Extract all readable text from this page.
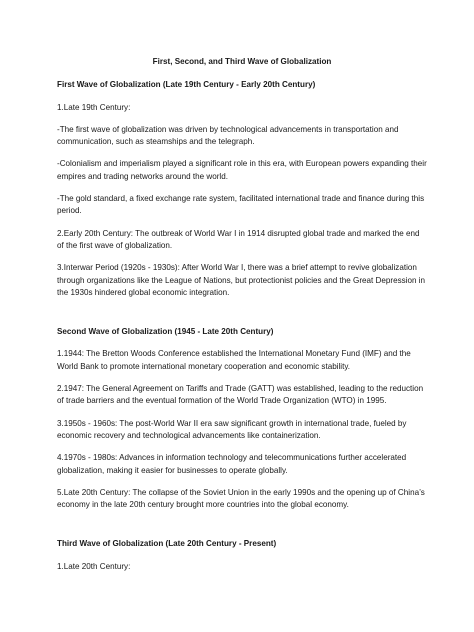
First, Second, and Third Wave of Globalization
First Wave of Globalization (Late 19th Century - Early 20th Century)
1.Late 19th Century:
-The first wave of globalization was driven by technological advancements in transportation and communication, such as steamships and the telegraph.
-Colonialism and imperialism played a significant role in this era, with European powers expanding their empires and trading networks around the world.
-The gold standard, a fixed exchange rate system, facilitated international trade and finance during this period.
2.Early 20th Century: The outbreak of World War I in 1914 disrupted global trade and marked the end of the first wave of globalization.
3.Interwar Period (1920s - 1930s): After World War I, there was a brief attempt to revive globalization through organizations like the League of Nations, but protectionist policies and the Great Depression in the 1930s hindered global economic integration.
Second Wave of Globalization (1945 - Late 20th Century)
1.1944: The Bretton Woods Conference established the International Monetary Fund (IMF) and the World Bank to promote international monetary cooperation and economic stability.
2.1947: The General Agreement on Tariffs and Trade (GATT) was established, leading to the reduction of trade barriers and the eventual formation of the World Trade Organization (WTO) in 1995.
3.1950s - 1960s: The post-World War II era saw significant growth in international trade, fueled by economic recovery and technological advancements like containerization.
4.1970s - 1980s: Advances in information technology and telecommunications further accelerated globalization, making it easier for businesses to operate globally.
5.Late 20th Century: The collapse of the Soviet Union in the early 1990s and the opening up of China’s economy in the late 20th century brought more countries into the global economy.
Third Wave of Globalization (Late 20th Century - Present)
1.Late 20th Century:
